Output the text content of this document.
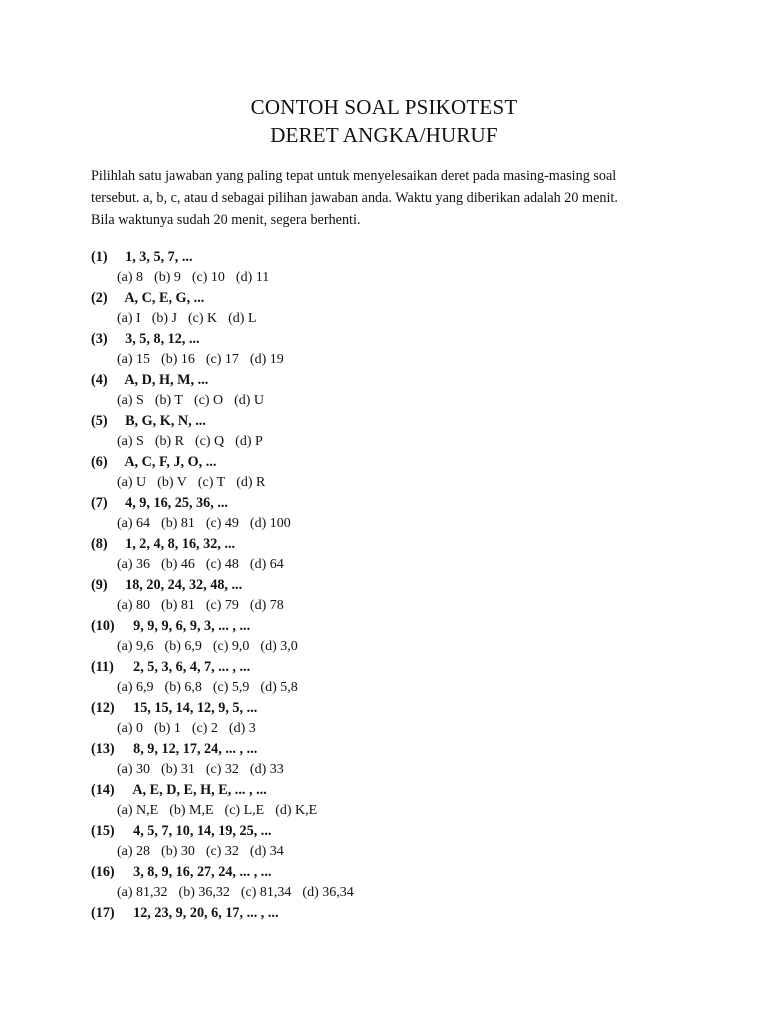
CONTOH SOAL PSIKOTEST
DERET ANGKA/HURUF
Pilihlah satu jawaban yang paling tepat untuk menyelesaikan deret pada masing-masing soal
tersebut. a, b, c, atau d sebagai pilihan jawaban anda. Waktu yang diberikan adalah 20 menit.
Bila waktunya sudah 20 menit, segera berhenti.
(1) 1, 3, 5, 7, ...
(a) 8 (b) 9 (c) 10 (d) 11
(2) A, C, E, G, ...
(a) I (b) J (c) K (d) L
(3) 3, 5, 8, 12, ...
(a) 15 (b) 16 (c) 17 (d) 19
(4) A, D, H, M, ...
(a) S (b) T (c) O (d) U
(5) B, G, K, N, ...
(a) S (b) R (c) Q (d) P
(6) A, C, F, J, O, ...
(a) U (b) V (c) T (d) R
(7) 4, 9, 16, 25, 36, ...
(a) 64 (b) 81 (c) 49 (d) 100
(8) 1, 2, 4, 8, 16, 32, ...
(a) 36 (b) 46 (c) 48 (d) 64
(9) 18, 20, 24, 32, 48, ...
(a) 80 (b) 81 (c) 79 (d) 78
(10) 9, 9, 9, 6, 9, 3, ... , ...
(a) 9,6 (b) 6,9 (c) 9,0 (d) 3,0
(11) 2, 5, 3, 6, 4, 7, ... , ...
(a) 6,9 (b) 6,8 (c) 5,9 (d) 5,8
(12) 15, 15, 14, 12, 9, 5, ...
(a) 0 (b) 1 (c) 2 (d) 3
(13) 8, 9, 12, 17, 24, ... , ...
(a) 30 (b) 31 (c) 32 (d) 33
(14) A, E, D, E, H, E, ... , ...
(a) N,E (b) M,E (c) L,E (d) K,E
(15) 4, 5, 7, 10, 14, 19, 25, ...
(a) 28 (b) 30 (c) 32 (d) 34
(16) 3, 8, 9, 16, 27, 24, ... , ...
(a) 81,32 (b) 36,32 (c) 81,34 (d) 36,34
(17) 12, 23, 9, 20, 6, 17, ... , ...
